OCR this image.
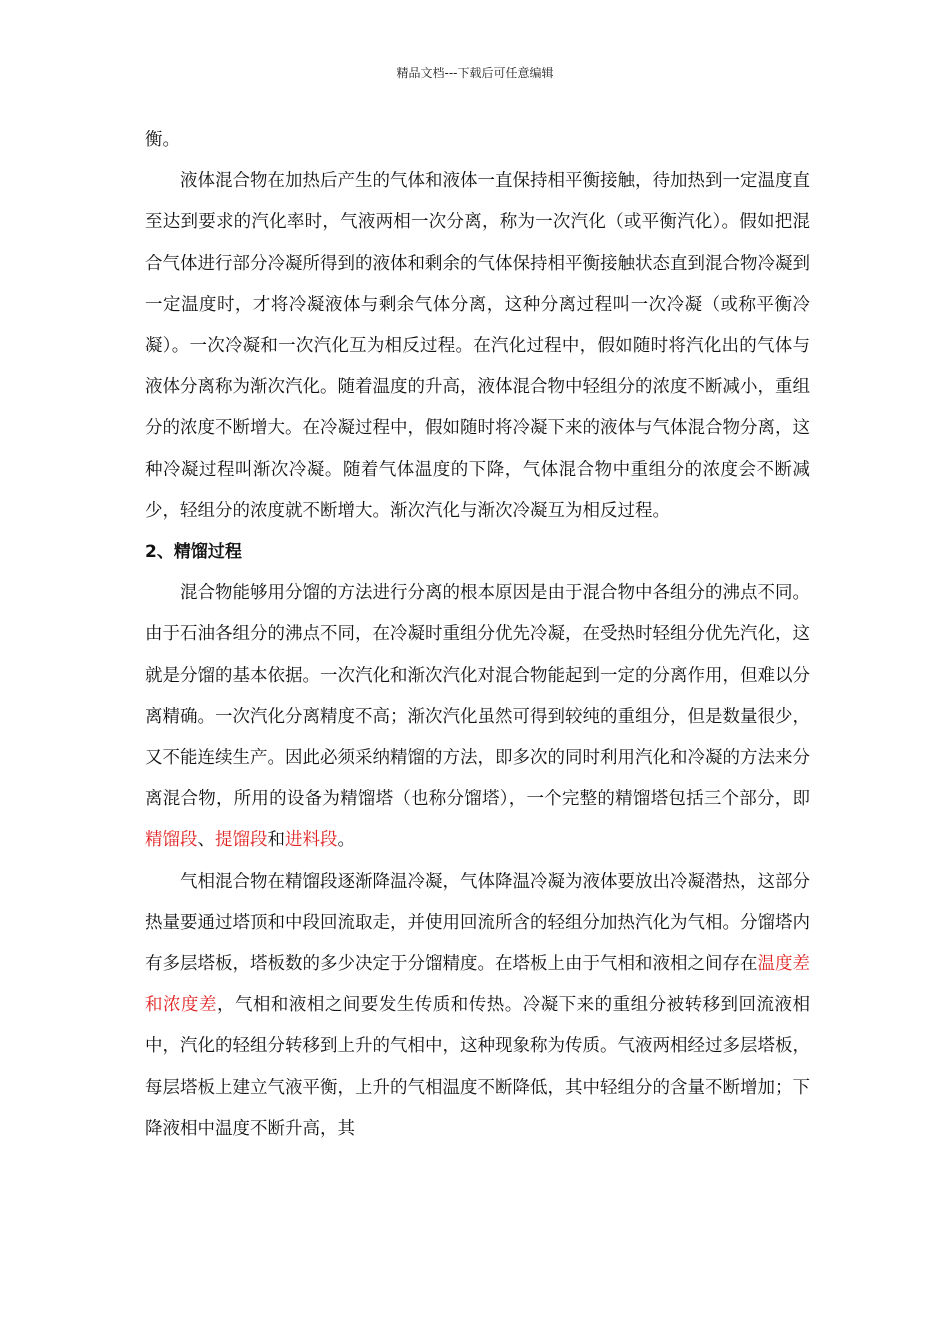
精品文档---下载后可任意编辑

衡。

液体混合物在加热后产生的气体和液体一直保持相平衡接触，待加热到一定温度直至达到要求的汽化率时，气液两相一次分离，称为一次汽化（或平衡汽化）。假如把混合气体进行部分冷凝所得到的液体和剩余的气体保持相平衡接触状态直到混合物冷凝到一定温度时，才将冷凝液体与剩余气体分离，这种分离过程叫一次冷凝（或称平衡冷凝）。一次冷凝和一次汽化互为相反过程。在汽化过程中，假如随时将汽化出的气体与液体分离称为渐次汽化。随着温度的升高，液体混合物中轻组分的浓度不断减小，重组分的浓度不断增大。在冷凝过程中，假如随时将冷凝下来的液体与气体混合物分离，这种冷凝过程叫渐次冷凝。随着气体温度的下降，气体混合物中重组分的浓度会不断减少，轻组分的浓度就不断增大。渐次汽化与渐次冷凝互为相反过程。

2、精馏过程

混合物能够用分馏的方法进行分离的根本原因是由于混合物中各组分的沸点不同。由于石油各组分的沸点不同，在冷凝时重组分优先冷凝，在受热时轻组分优先汽化，这就是分馏的基本依据。一次汽化和渐次汽化对混合物能起到一定的分离作用，但难以分离精确。一次汽化分离精度不高；渐次汽化虽然可得到较纯的重组分，但是数量很少，又不能连续生产。因此必须采纳精馏的方法，即多次的同时利用汽化和冷凝的方法来分离混合物，所用的设备为精馏塔（也称分馏塔），一个完整的精馏塔包括三个部分，即精馏段、提馏段和进料段。

气相混合物在精馏段逐渐降温冷凝，气体降温冷凝为液体要放出冷凝潜热，这部分热量要通过塔顶和中段回流取走，并使用回流所含的轻组分加热汽化为气相。分馏塔内有多层塔板，塔板数的多少决定于分馏精度。在塔板上由于气相和液相之间存在温度差和浓度差，气相和液相之间要发生传质和传热。冷凝下来的重组分被转移到回流液相中，汽化的轻组分转移到上升的气相中，这种现象称为传质。气液两相经过多层塔板，每层塔板上建立气液平衡，上升的气相温度不断降低，其中轻组分的含量不断增加；下降液相中温度不断升高，其
